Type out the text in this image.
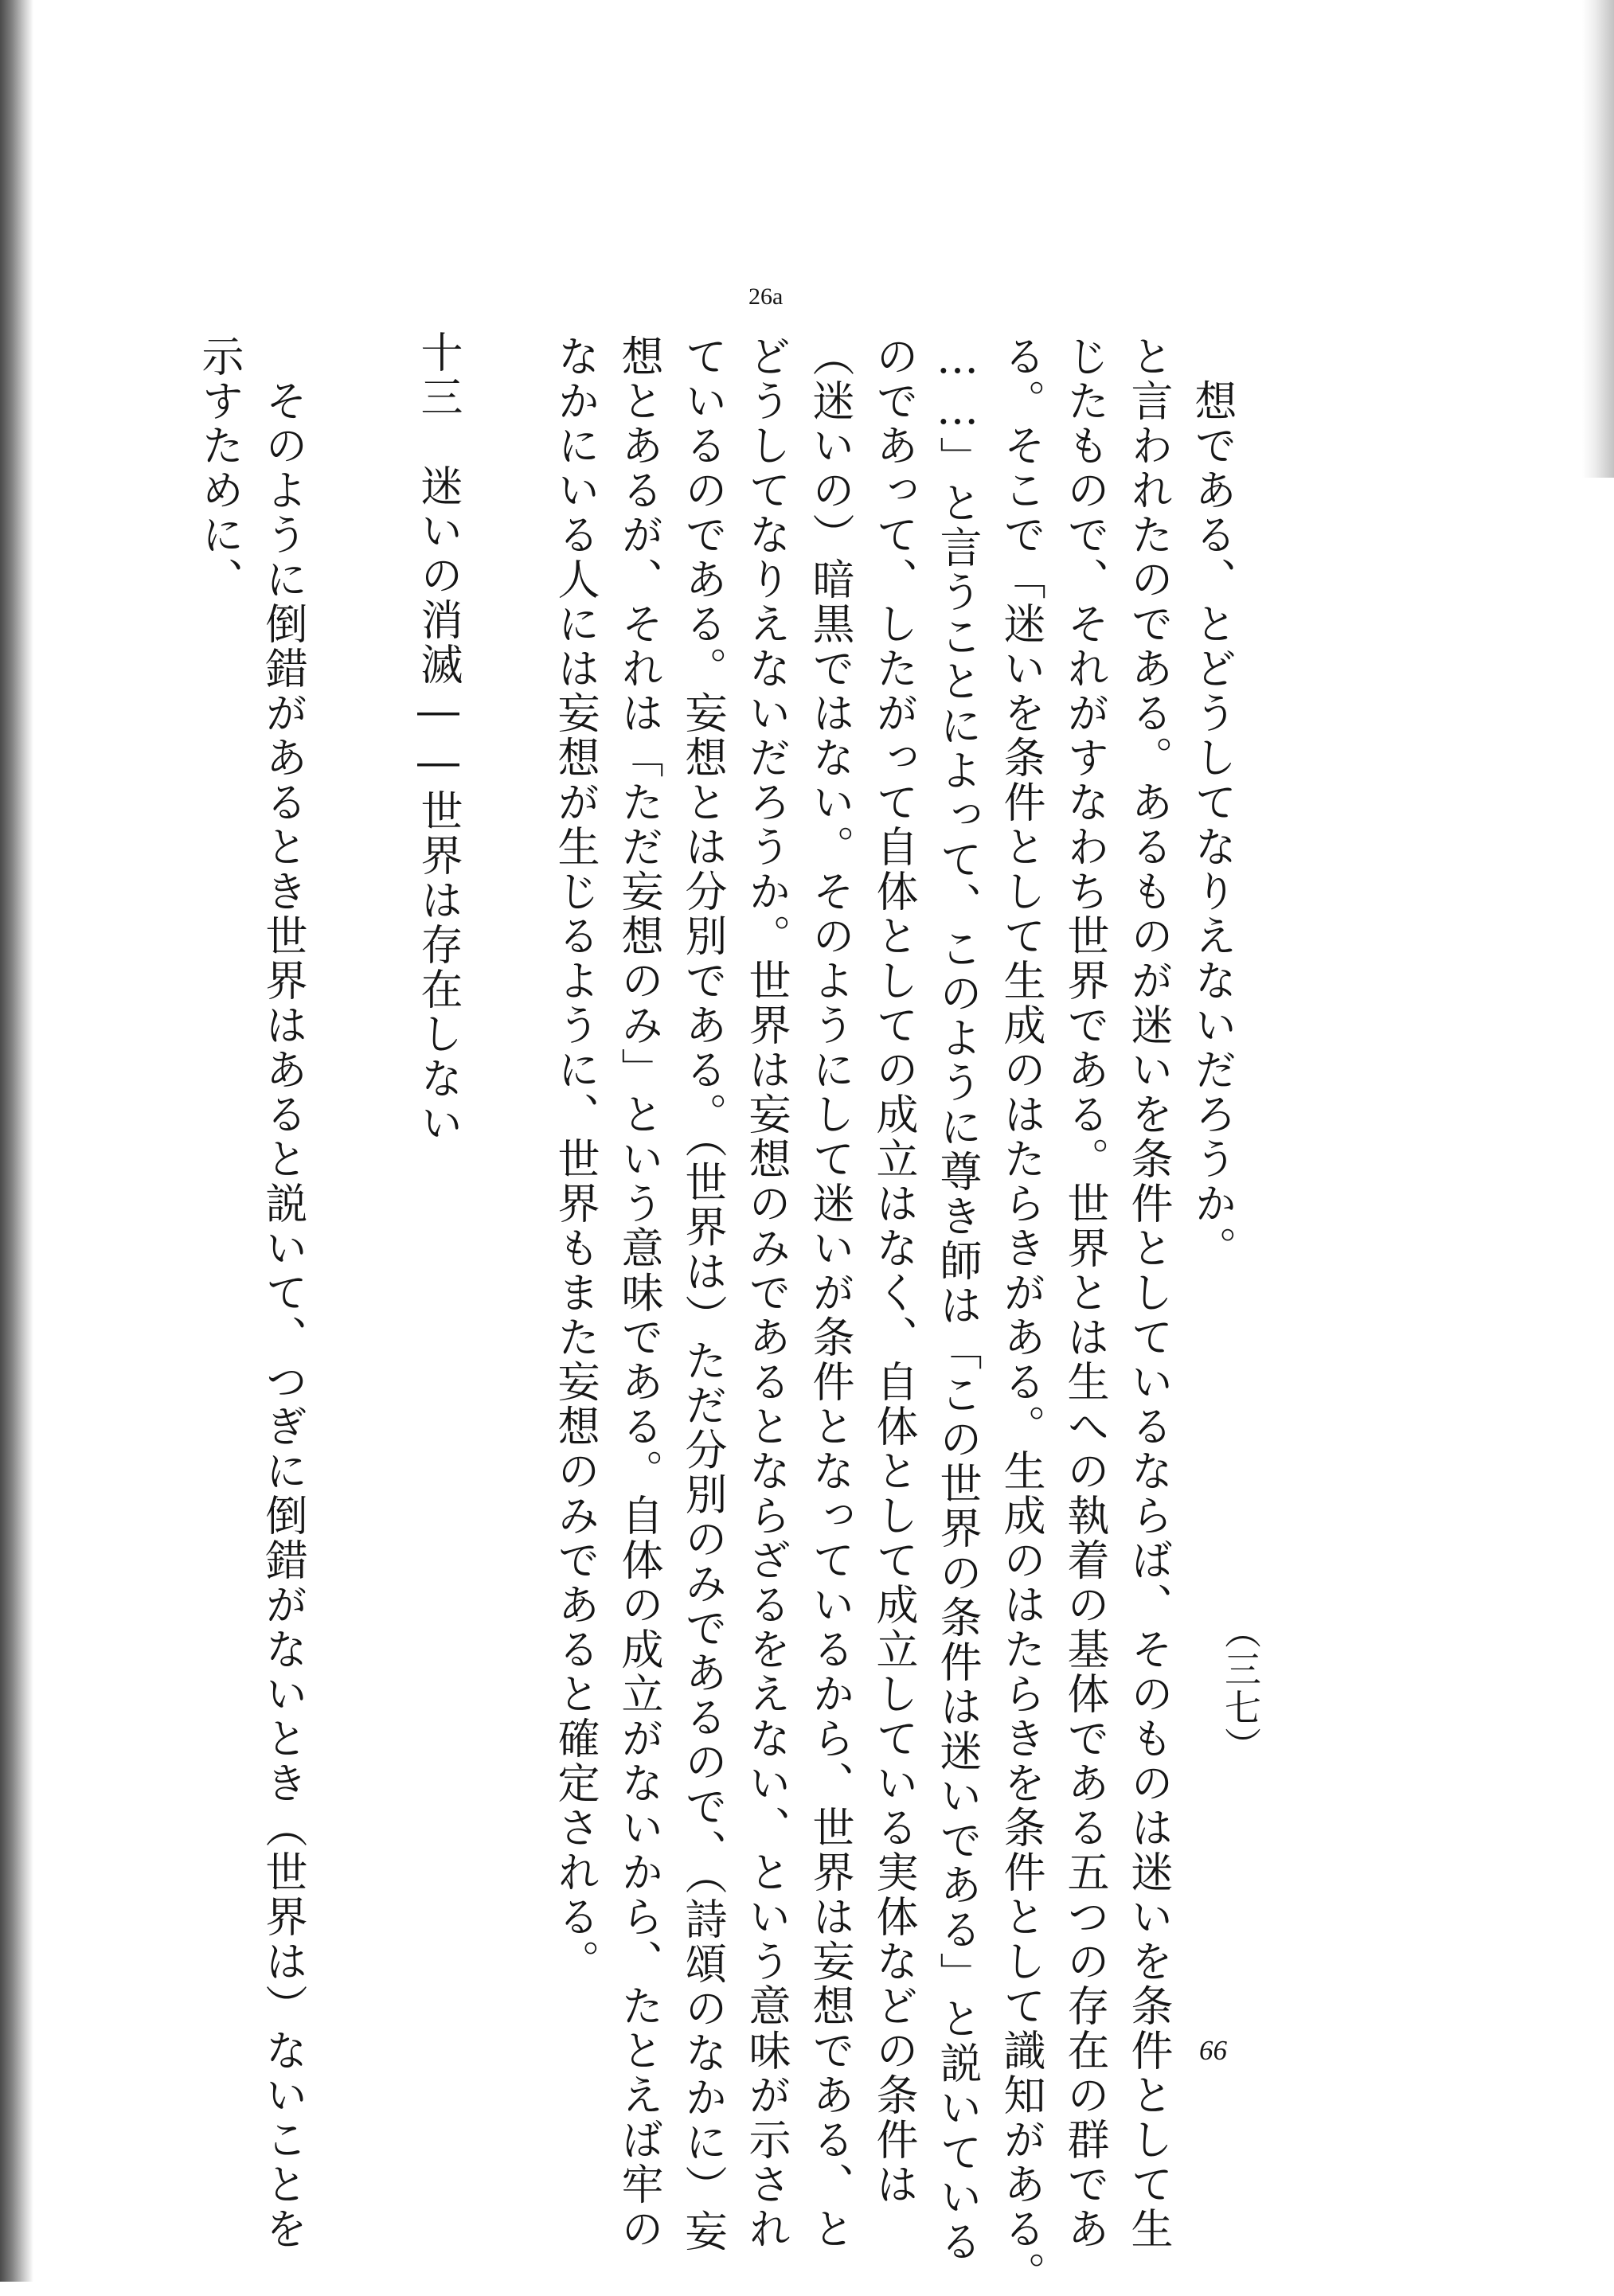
26a
　想である、とどうしてなりえないだろうか。
と言われたのである。あるものが迷いを条件としているならば、そのものは迷いを条件として生
じたもので、それがすなわち世界である。世界とは生への執着の基体である五つの存在の群であ
る。そこで「迷いを条件として生成のはたらきがある。生成のはたらきを条件として識知がある。
……」と言うことによって、このように尊き師は「この世界の条件は迷いである」と説いている
のであって、したがって自体としての成立はなく、自体として成立している実体などの条件は
（迷いの）暗黒ではない。そのようにして迷いが条件となっているから、世界は妄想である、と
どうしてなりえないだろうか。世界は妄想のみであるとならざるをえない、という意味が示され
ているのである。妄想とは分別である。（世界は）ただ分別のみであるので、（詩頌のなかに）妄
想とあるが、それは「ただ妄想のみ」という意味である。自体の成立がないから、たとえば牢の
なかにいる人には妄想が生じるように、世界もまた妄想のみであると確定される。
十三　迷いの消滅――世界は存在しない
　そのように倒錯があるとき世界はあると説いて、つぎに倒錯がないとき（世界は）ないことを
示すために、
（三七）
66
